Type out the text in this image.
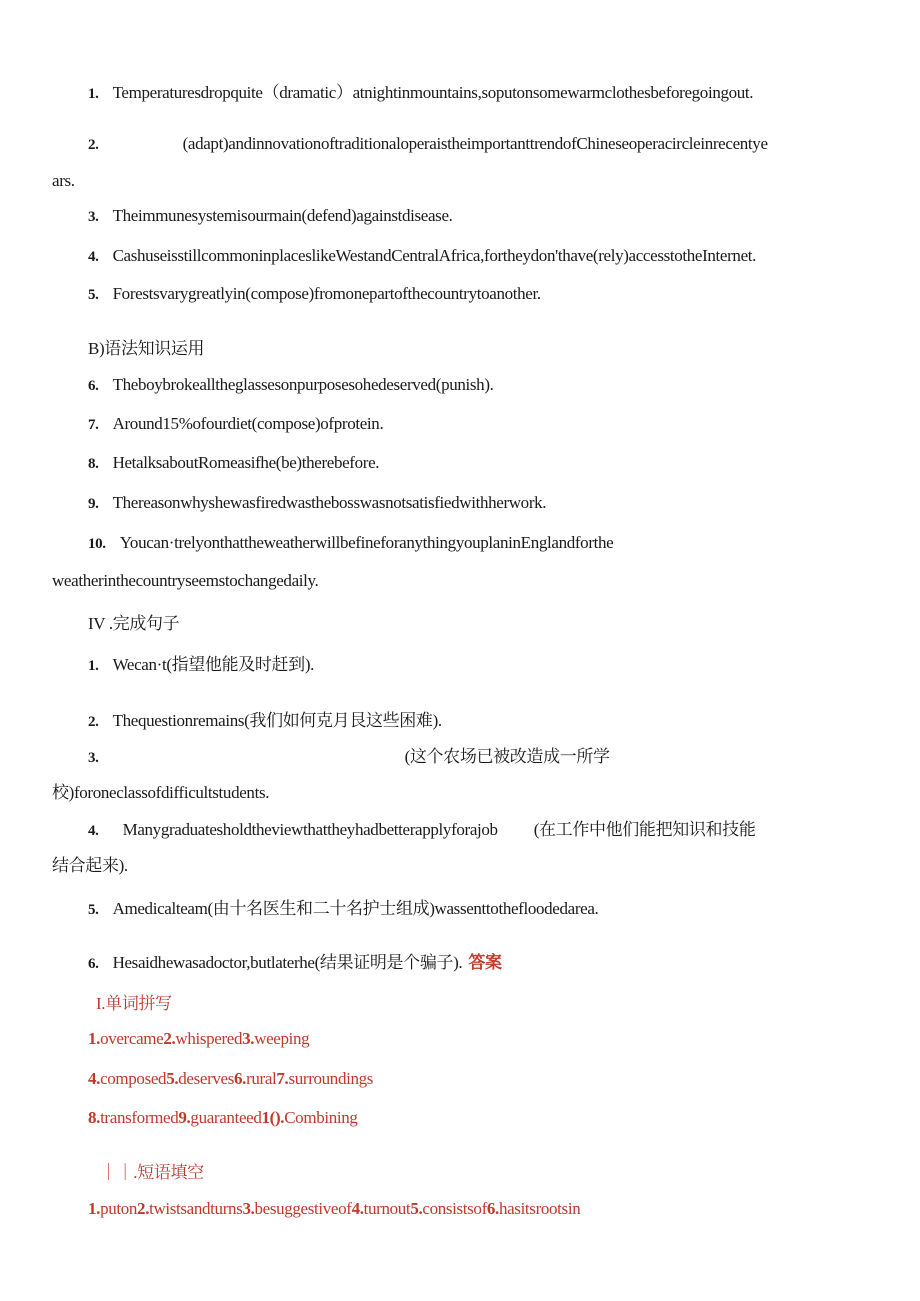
1. Temperaturesdropquite（dramatic）atnightinmountains,soputonsomewarmclothesbeforegoingout.
2.	(adapt)andinnovationoftraditionaloperaistheimportanttrendofChineseoperacircleinrecentye
ars.
3. Theimmunesystemisourmain(defend)againstdisease.
4. CashuseisstillcommoninplaceslikeWestandCentralAfrica,fortheydon'thave(rely)accesstotheInternet.
5. Forestsvarygreatlyin(compose)fromonepartofthecountrytoanother.
B)语法知识运用
6. Theboybrokealltheglassesonpurposesohedeserved(punish).
7. Around15%ofourdiet(compose)ofprotein.
8. HetalksaboutRomeasifhe(be)therebefore.
9. Thereasonwhyshewasfiredwasthebosswasnotsatisfiedwithherwork.
10. Youcan·trelyonthattheweatherwillbefineforanythingyouplaninEnglandforthe
weatherinthecountryseemstochangedaily.
IV .完成句子
1. Wecan·t(指望他能及时赶到).
2. Thequestionremains(我们如何克月艮这些困难).
3.	(这个农场已被改造成一所学
校)foroneclassofdifficultstudents.
4. Manygraduatesholdtheviewthattheyhadbetterapplyforajob (在工作中他们能把知识和技能
结合起来).
5. Amedicalteam(由十名医生和二十名护士组成)wassenttothefloodedarea.
6. Hesaidhewasadoctor,butlaterhe(结果证明是个骗子). 答案
I.单词拼写
1.overcame2.whispered3.weeping
4.composed5.deserves6.rural7.surroundings
8.transformed9.guaranteed1().Combining
｜｜.短语填空
1.puton2.twistsandturns3.besuggestiveof4.turnout5.consistsof6.hasitsrootsin
